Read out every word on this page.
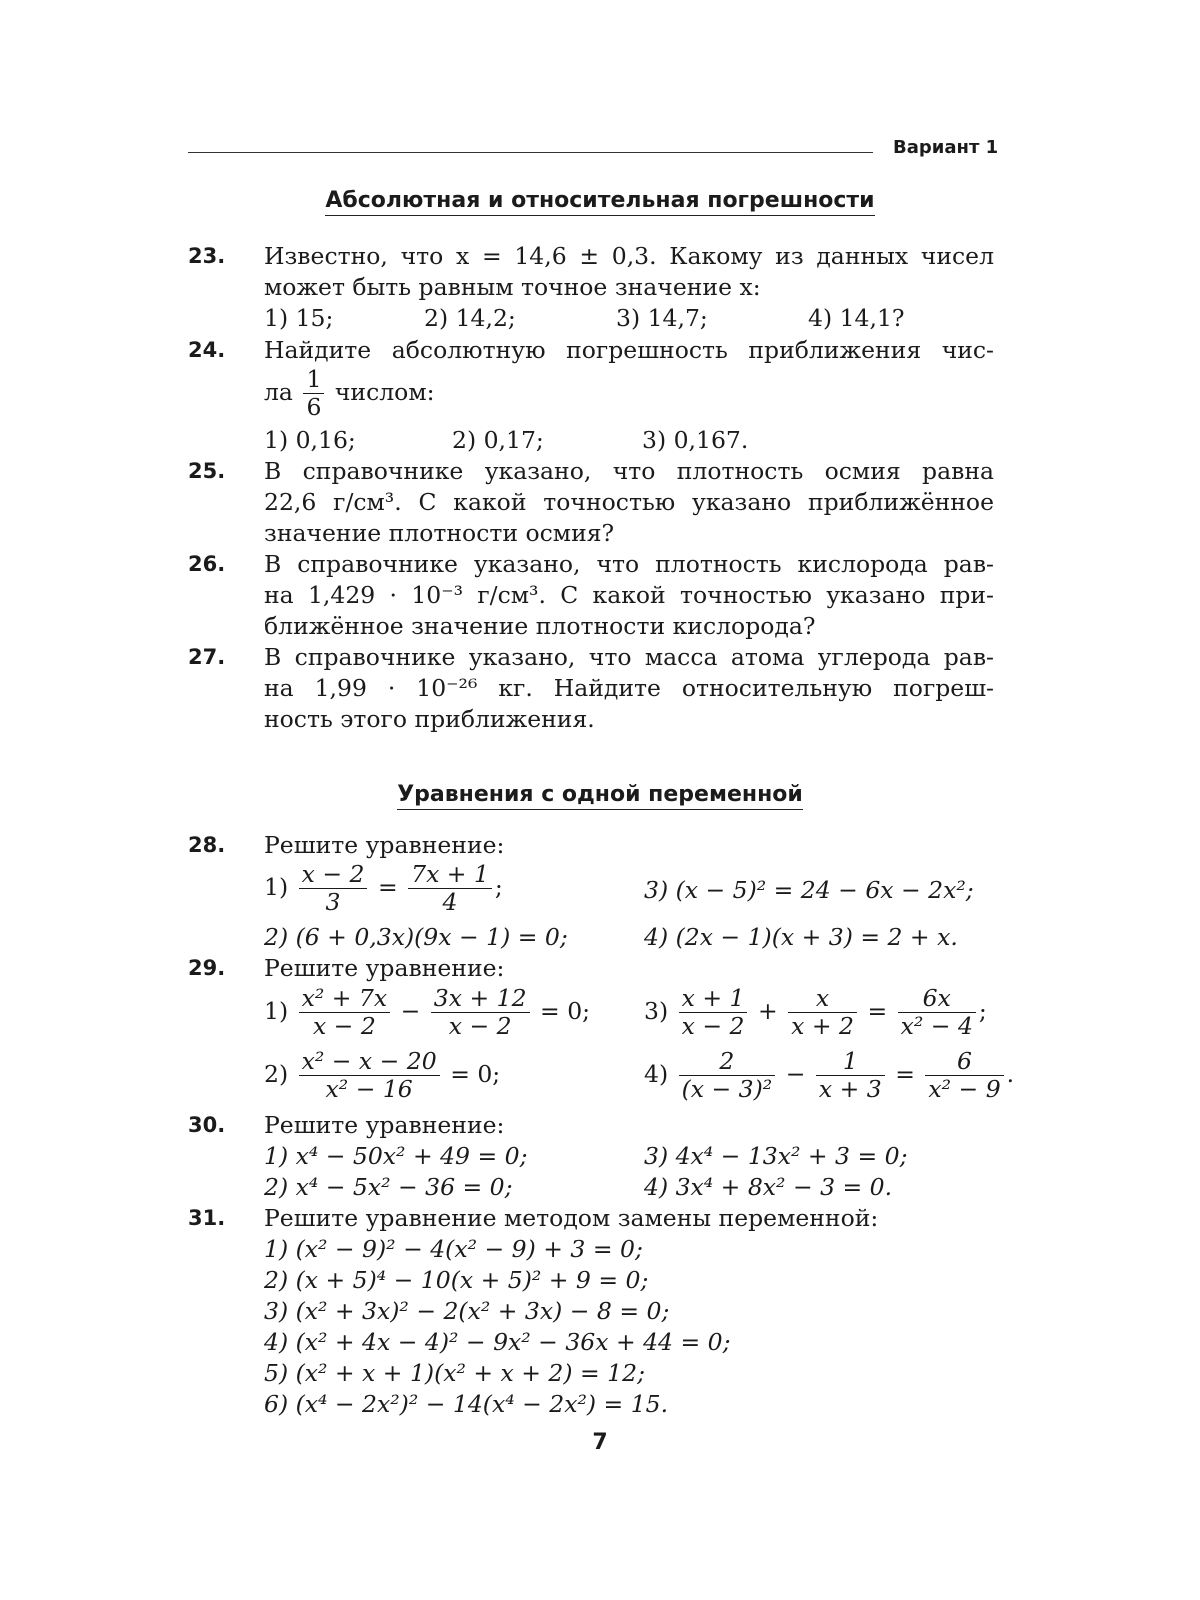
Вариант 1
Абсолютная и относительная погрешности
23. Известно, что x = 14,6 ± 0,3. Какому из данных чисел
может быть равным точное значение x:
1) 15;	2) 14,2;	3) 14,7;	4) 14,1?
24. Найдите абсолютную погрешность приближения чис-
ла $\frac{1}{6}$ числом:
1) 0,16;	2) 0,17;	3) 0,167.
25. В справочнике указано, что плотность осмия равна
22,6 г/см³. С какой точностью указано приближённое
значение плотности осмия?
26. В справочнике указано, что плотность кислорода рав-
на 1,429 · 10⁻³ г/см³. С какой точностью указано при-
ближённое значение плотности кислорода?
27. В справочнике указано, что масса атома углерода рав-
на 1,99 · 10⁻²⁶ кг. Найдите относительную погреш-
ность этого приближения.
Уравнения с одной переменной
28. Решите уравнение:
$1) \frac{x - 2}{3} = \frac{7x + 1}{4}$ ;	3) (x − 5)² = 24 − 6x − 2x²;
2) (6 + 0,3x)(9x − 1) = 0;	4) (2x − 1)(x + 3) = 2 + x.
29. Решите уравнение:
$1) \frac{\text{x² + 7x}}{x - 2} - \frac{3x + 12}{x - 2} = 0$; $3) \frac{x + 1}{x - 2} + \frac{x}{x + 2} = \frac{6x}{\text{x² − 4}}$ ;
$2) \frac{\text{x² − x − 20}}{\text{x² − 16}} = 0$;	$4) \frac{2}{\text{(x − 3)²}} - \frac{1}{x + 3} = \frac{6}{\text{x² − 9}}$ .
30. Решите уравнение:
1) x⁴ − 50x² + 49 = 0;	3) 4x⁴ − 13x² + 3 = 0;
2) x⁴ − 5x² − 36 = 0;	4) 3x⁴ + 8x² − 3 = 0.
31. Решите уравнение методом замены переменной:
1) (x² − 9)² − 4(x² − 9) + 3 = 0;
2) (x + 5)⁴ − 10(x + 5)² + 9 = 0;
3) (x² + 3x)² − 2(x² + 3x) − 8 = 0;
4) (x² + 4x − 4)² − 9x² − 36x + 44 = 0;
5) (x² + x + 1)(x² + x + 2) = 12;
6) (x⁴ − 2x²)² − 14(x⁴ − 2x²) = 15.
7
